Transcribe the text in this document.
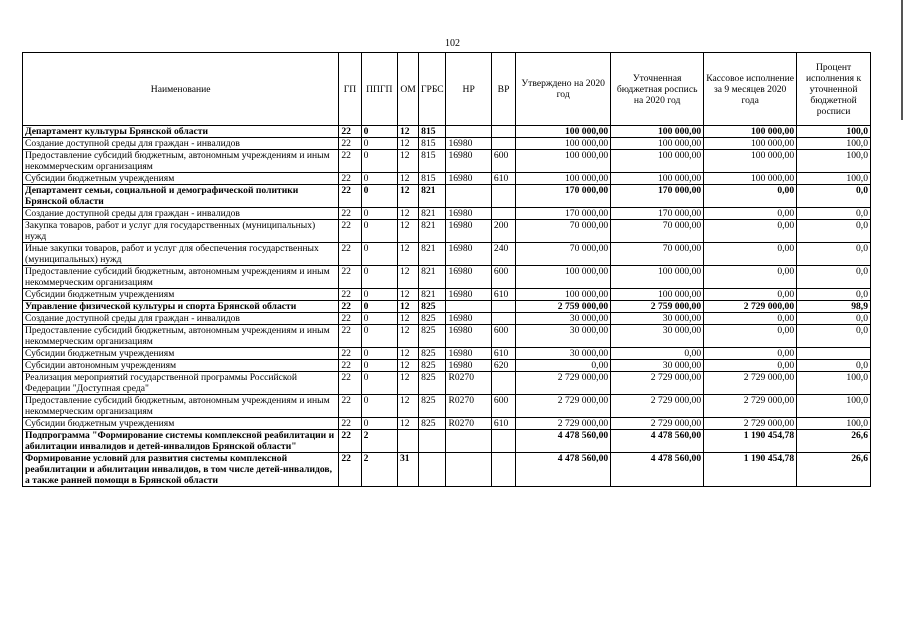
102
Наименование	ГП	ППГП	ОМ	ГРБС	НР	ВР	Утверждено на 2020 год	Уточненная бюджетная роспись на 2020 год	Кассовое исполнение за 9 месяцев 2020 года	Процент исполнения к уточненной бюджетной росписи
Департамент культуры Брянской области	22	0	12	815			100 000,00	100 000,00	100 000,00	100,0
Создание доступной среды для граждан - инвалидов	22	0	12	815	16980		100 000,00	100 000,00	100 000,00	100,0
Предоставление субсидий бюджетным, автономным учреждениям и иным некоммерческим организациям	22	0	12	815	16980	600	100 000,00	100 000,00	100 000,00	100,0
Субсидии бюджетным учреждениям	22	0	12	815	16980	610	100 000,00	100 000,00	100 000,00	100,0
Департамент семьи, социальной и демографической политики Брянской области	22	0	12	821			170 000,00	170 000,00	0,00	0,0
Создание доступной среды для граждан - инвалидов	22	0	12	821	16980		170 000,00	170 000,00	0,00	0,0
Закупка товаров, работ и услуг для государственных (муниципальных) нужд	22	0	12	821	16980	200	70 000,00	70 000,00	0,00	0,0
Иные закупки товаров, работ и услуг для обеспечения государственных (муниципальных) нужд	22	0	12	821	16980	240	70 000,00	70 000,00	0,00	0,0
Предоставление субсидий бюджетным, автономным учреждениям и иным некоммерческим организациям	22	0	12	821	16980	600	100 000,00	100 000,00	0,00	0,0
Субсидии бюджетным учреждениям	22	0	12	821	16980	610	100 000,00	100 000,00	0,00	0,0
Управление физической культуры и спорта Брянской области	22	0	12	825			2 759 000,00	2 759 000,00	2 729 000,00	98,9
Создание доступной среды для граждан - инвалидов	22	0	12	825	16980		30 000,00	30 000,00	0,00	0,0
Предоставление субсидий бюджетным, автономным учреждениям и иным некоммерческим организациям	22	0	12	825	16980	600	30 000,00	30 000,00	0,00	0,0
Субсидии бюджетным учреждениям	22	0	12	825	16980	610	30 000,00	0,00	0,00	
Субсидии автономным учреждениям	22	0	12	825	16980	620	0,00	30 000,00	0,00	0,0
Реализация мероприятий государственной программы Российской Федерации "Доступная среда"	22	0	12	825	R0270		2 729 000,00	2 729 000,00	2 729 000,00	100,0
Предоставление субсидий бюджетным, автономным учреждениям и иным некоммерческим организациям	22	0	12	825	R0270	600	2 729 000,00	2 729 000,00	2 729 000,00	100,0
Субсидии бюджетным учреждениям	22	0	12	825	R0270	610	2 729 000,00	2 729 000,00	2 729 000,00	100,0
Подпрограмма "Формирование системы комплексной реабилитации и абилитации инвалидов и детей-инвалидов Брянской области"	22	2					4 478 560,00	4 478 560,00	1 190 454,78	26,6
Формирование условий для развития системы комплексной реабилитации и абилитации инвалидов, в том числе детей-инвалидов, а также ранней помощи в Брянской области	22	2	31				4 478 560,00	4 478 560,00	1 190 454,78	26,6
